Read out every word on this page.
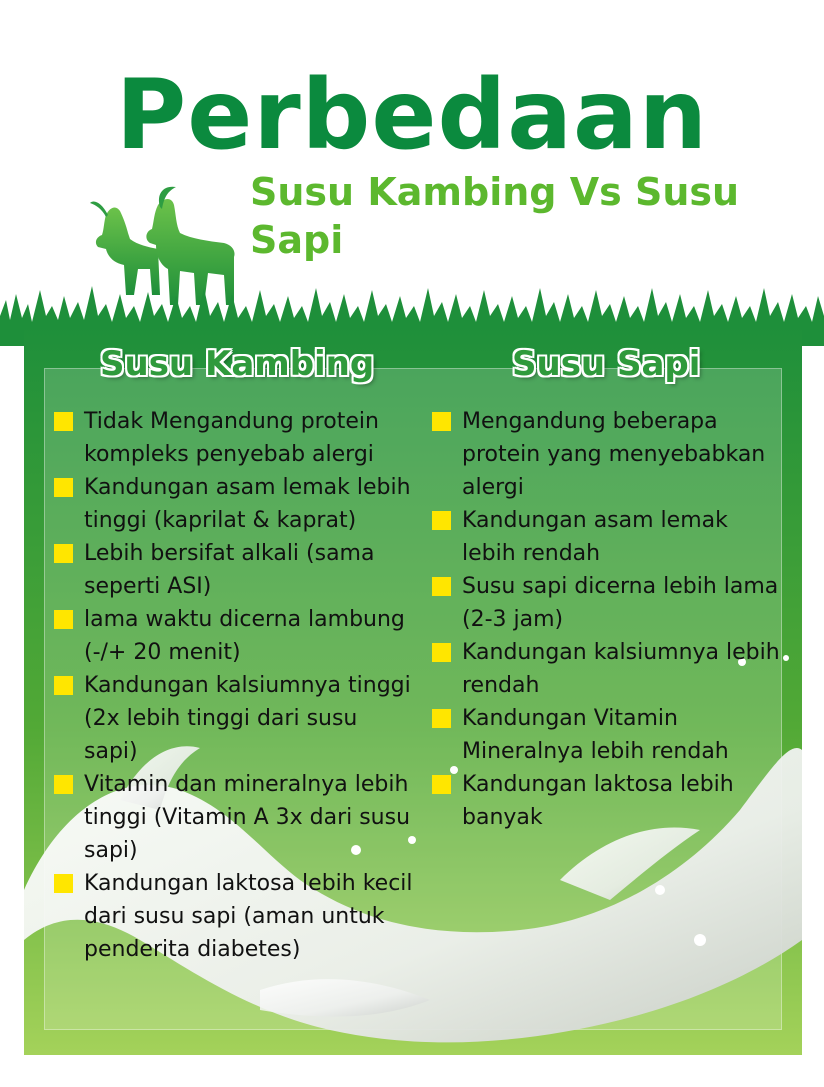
Perbedaan
Susu Kambing Vs Susu Sapi
Susu Kambing	Susu Sapi
Tidak Mengandung protein kompleks penyebab alergi
Kandungan asam lemak lebih tinggi (kaprilat & kaprat)
Lebih bersifat alkali (sama seperti ASI)
lama waktu dicerna lambung (-/+ 20 menit)
Kandungan kalsiumnya tinggi (2x lebih tinggi dari susu sapi)
Vitamin dan mineralnya lebih tinggi (Vitamin A 3x dari susu sapi)
Kandungan laktosa lebih kecil dari susu sapi (aman untuk penderita diabetes)
Mengandung beberapa protein yang menyebabkan alergi
Kandungan asam lemak lebih rendah
Susu sapi dicerna lebih lama (2-3 jam)
Kandungan kalsiumnya lebih rendah
Kandungan Vitamin Mineralnya lebih rendah
Kandungan laktosa lebih banyak
